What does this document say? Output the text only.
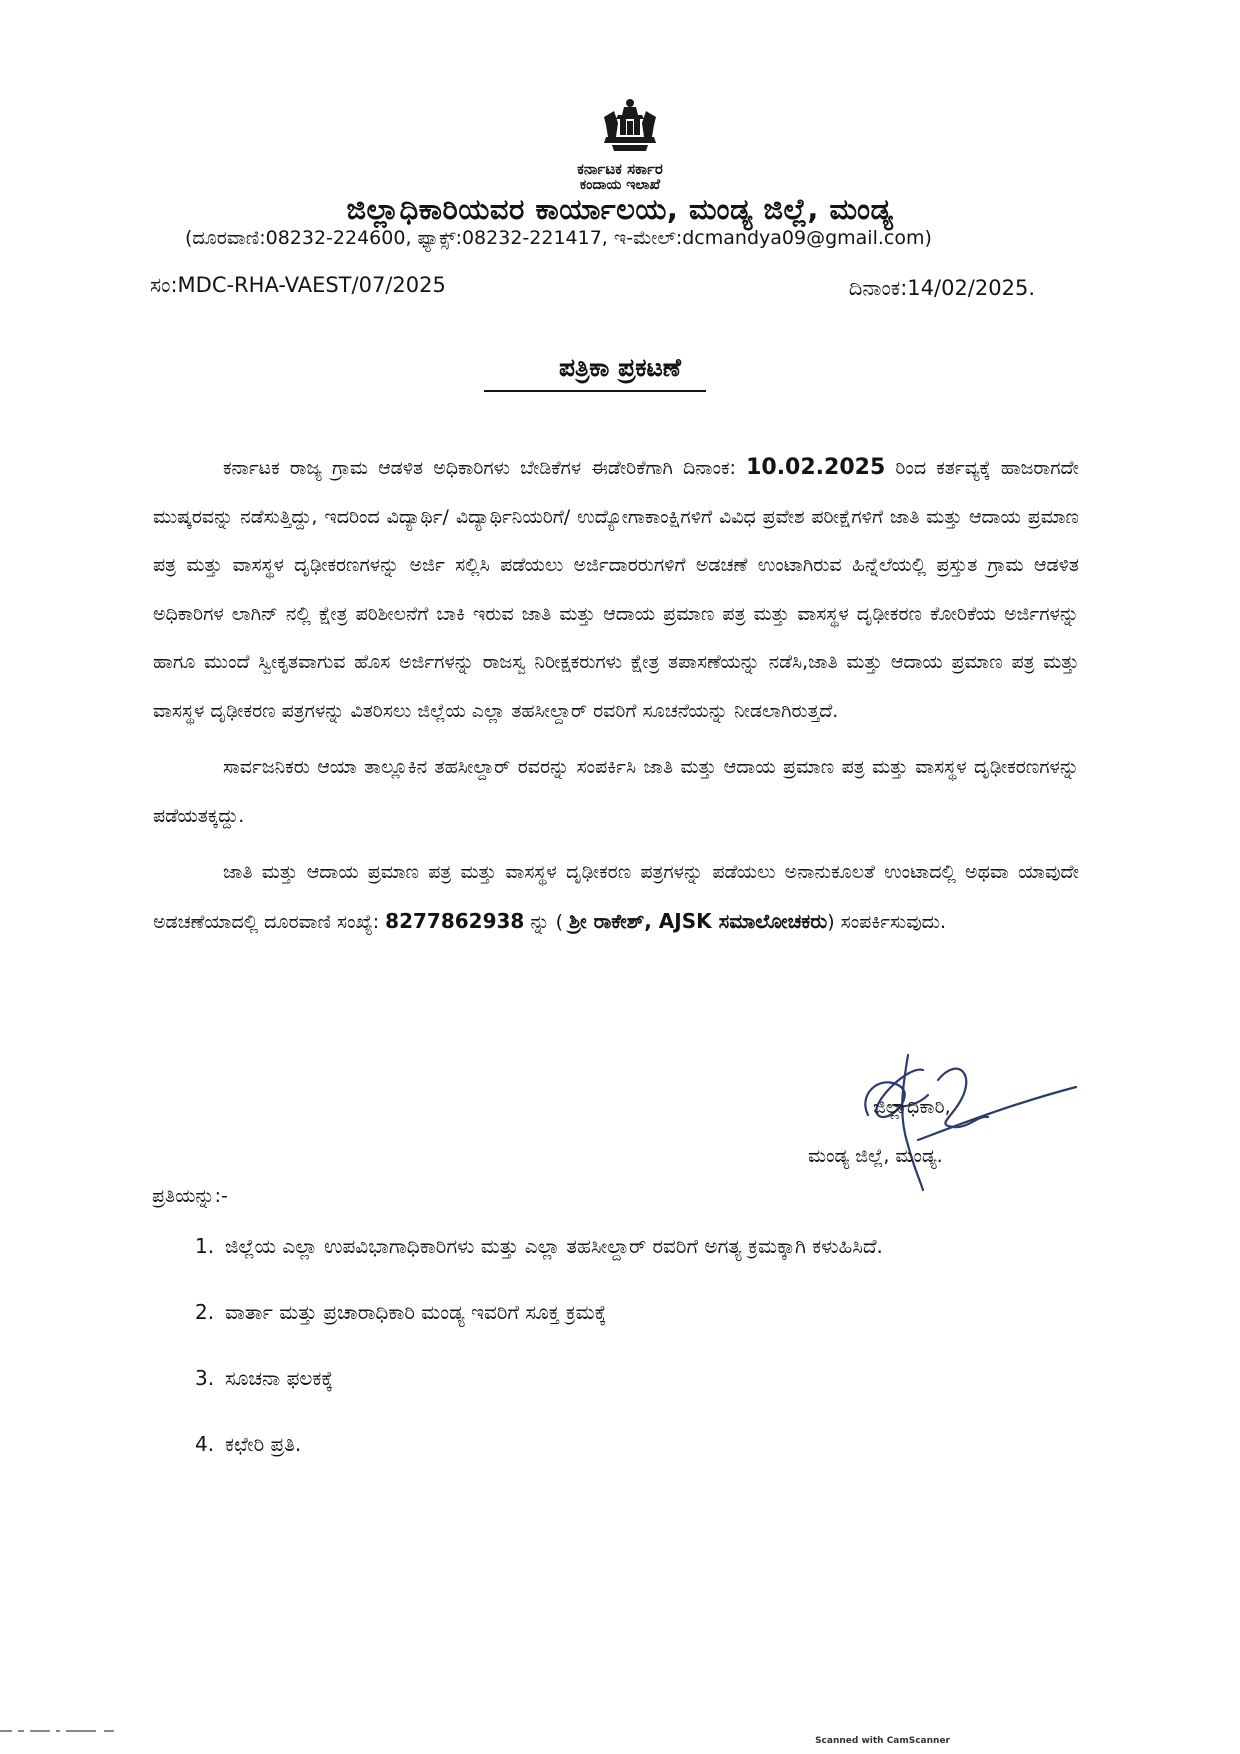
ಕರ್ನಾಟಕ ಸರ್ಕಾರ
ಕಂದಾಯ ಇಲಾಖೆ
ಜಿಲ್ಲಾಧಿಕಾರಿಯವರ ಕಾರ್ಯಾಲಯ, ಮಂಡ್ಯ ಜಿಲ್ಲೆ, ಮಂಡ್ಯ
(ದೂರವಾಣಿ:08232-224600, ಫ್ಯಾಕ್ಸ್:08232-221417, ಇ-ಮೇಲ್:dcmandya09@gmail.com)
ಸಂ:MDC-RHA-VAEST/07/2025	ದಿನಾಂಕ:14/02/2025.
ಪತ್ರಿಕಾ ಪ್ರಕಟಣೆ

ಕರ್ನಾಟಕ ರಾಜ್ಯ ಗ್ರಾಮ ಆಡಳಿತ ಅಧಿಕಾರಿಗಳು ಬೇಡಿಕೆಗಳ ಈಡೇರಿಕೆಗಾಗಿ ದಿನಾಂಕ: 10.02.2025 ರಿಂದ ಕರ್ತವ್ಯಕ್ಕೆ ಹಾಜರಾಗದೇ ಮುಷ್ಕರವನ್ನು ನಡೆಸುತ್ತಿದ್ದು, ಇದರಿಂದ ವಿದ್ಯಾರ್ಥಿ/ ವಿದ್ಯಾರ್ಥಿನಿಯರಿಗೆ/ ಉದ್ಯೋಗಾಕಾಂಕ್ಷಿಗಳಿಗೆ ವಿವಿಧ ಪ್ರವೇಶ ಪರೀಕ್ಷೆಗಳಿಗೆ ಜಾತಿ ಮತ್ತು ಆದಾಯ ಪ್ರಮಾಣ ಪತ್ರ ಮತ್ತು ವಾಸಸ್ಥಳ ದೃಢೀಕರಣಗಳನ್ನು ಅರ್ಜಿ ಸಲ್ಲಿಸಿ ಪಡೆಯಲು ಅರ್ಜಿದಾರರುಗಳಿಗೆ ಅಡಚಣೆ ಉಂಟಾಗಿರುವ ಹಿನ್ನೆಲೆಯಲ್ಲಿ ಪ್ರಸ್ತುತ ಗ್ರಾಮ ಆಡಳಿತ ಅಧಿಕಾರಿಗಳ ಲಾಗಿನ್ ನಲ್ಲಿ ಕ್ಷೇತ್ರ ಪರಿಶೀಲನೆಗೆ ಬಾಕಿ ಇರುವ ಜಾತಿ ಮತ್ತು ಆದಾಯ ಪ್ರಮಾಣ ಪತ್ರ ಮತ್ತು ವಾಸಸ್ಥಳ ದೃಢೀಕರಣ ಕೋರಿಕೆಯ ಅರ್ಜಿಗಳನ್ನು ಹಾಗೂ ಮುಂದೆ ಸ್ವೀಕೃತವಾಗುವ ಹೊಸ ಅರ್ಜಿಗಳನ್ನು ರಾಜಸ್ವ ನಿರೀಕ್ಷಕರುಗಳು ಕ್ಷೇತ್ರ ತಪಾಸಣೆಯನ್ನು ನಡೆಸಿ,ಜಾತಿ ಮತ್ತು ಆದಾಯ ಪ್ರಮಾಣ ಪತ್ರ ಮತ್ತು ವಾಸಸ್ಥಳ ದೃಢೀಕರಣ ಪತ್ರಗಳನ್ನು ವಿತರಿಸಲು ಜಿಲ್ಲೆಯ ಎಲ್ಲಾ ತಹಸೀಲ್ದಾರ್ ರವರಿಗೆ ಸೂಚನೆಯನ್ನು ನೀಡಲಾಗಿರುತ್ತದೆ.

ಸಾರ್ವಜನಿಕರು ಆಯಾ ತಾಲ್ಲೂಕಿನ ತಹಸೀಲ್ದಾರ್ ರವರನ್ನು ಸಂಪರ್ಕಿಸಿ ಜಾತಿ ಮತ್ತು ಆದಾಯ ಪ್ರಮಾಣ ಪತ್ರ ಮತ್ತು ವಾಸಸ್ಥಳ ದೃಢೀಕರಣಗಳನ್ನು ಪಡೆಯತಕ್ಕದ್ದು.

ಜಾತಿ ಮತ್ತು ಆದಾಯ ಪ್ರಮಾಣ ಪತ್ರ ಮತ್ತು ವಾಸಸ್ಥಳ ದೃಢೀಕರಣ ಪತ್ರಗಳನ್ನು ಪಡೆಯಲು ಅನಾನುಕೂಲತೆ ಉಂಟಾದಲ್ಲಿ ಅಥವಾ ಯಾವುದೇ ಅಡಚಣೆಯಾದಲ್ಲಿ ದೂರವಾಣಿ ಸಂಖ್ಯೆ: 8277862938 ನ್ನು ( ಶ್ರೀ ರಾಕೇಶ್, AJSK ಸಮಾಲೋಚಕರು) ಸಂಪರ್ಕಿಸುವುದು.

ಜಿಲ್ಲಾಧಿಕಾರಿ,
ಮಂಡ್ಯ ಜಿಲ್ಲೆ, ಮಂಡ್ಯ.
ಪ್ರತಿಯನ್ನು:-
1. ಜಿಲ್ಲೆಯ ಎಲ್ಲಾ ಉಪವಿಭಾಗಾಧಿಕಾರಿಗಳು ಮತ್ತು ಎಲ್ಲಾ ತಹಸೀಲ್ದಾರ್ ರವರಿಗೆ ಅಗತ್ಯ ಕ್ರಮಕ್ಕಾಗಿ ಕಳುಹಿಸಿದೆ.
2. ವಾರ್ತಾ ಮತ್ತು ಪ್ರಚಾರಾಧಿಕಾರಿ ಮಂಡ್ಯ ಇವರಿಗೆ ಸೂಕ್ತ ಕ್ರಮಕ್ಕೆ
3. ಸೂಚನಾ ಫಲಕಕ್ಕೆ
4. ಕಛೇರಿ ಪ್ರತಿ.
Scanned with CamScanner
